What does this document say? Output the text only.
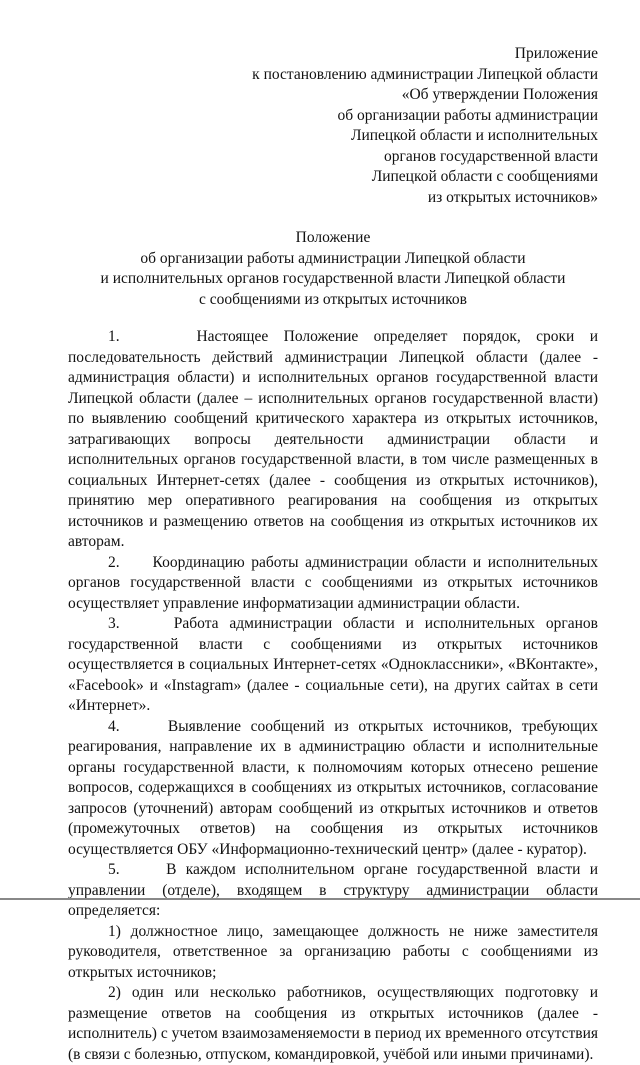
Приложение
к постановлению администрации Липецкой области
«Об утверждении Положения
об организации работы администрации
Липецкой области и исполнительных
органов государственной власти
Липецкой области с сообщениями
из открытых источников»
Положение
об организации работы администрации Липецкой области
и исполнительных органов государственной власти Липецкой области
с сообщениями из открытых источников

1.     Настоящее Положение определяет порядок, сроки и последовательность действий администрации Липецкой области (далее - администрация области) и исполнительных органов государственной власти Липецкой области (далее – исполнительных органов государственной власти) по выявлению сообщений критического характера из открытых источников, затрагивающих вопросы деятельности администрации области и исполнительных органов государственной власти, в том числе размещенных в социальных Интернет-сетях (далее - сообщения из открытых источников), принятию мер оперативного реагирования на сообщения из открытых источников и размещению ответов на сообщения из открытых источников их авторам.

2.     Координацию работы администрации области и исполнительных органов государственной власти с сообщениями из открытых источников осуществляет управление информатизации администрации области.

3.     Работа администрации области и исполнительных органов государственной власти с сообщениями из открытых источников осуществляется в социальных Интернет-сетях «Одноклассники», «ВКонтакте», «Facebook» и «Instagram» (далее - социальные сети), на других сайтах в сети «Интернет».

4.     Выявление сообщений из открытых источников, требующих реагирования, направление их в администрацию области и исполнительные органы государственной власти, к полномочиям которых отнесено решение вопросов, содержащихся в сообщениях из открытых источников, согласование запросов (уточнений) авторам сообщений из открытых источников и ответов (промежуточных ответов) на сообщения из открытых источников осуществляется ОБУ «Информационно-технический центр» (далее - куратор).

5.     В каждом исполнительном органе государственной власти и управлении (отделе), входящем в структуру администрации области определяется:

1) должностное лицо, замещающее должность не ниже заместителя руководителя, ответственное за организацию работы с сообщениями из открытых источников;

2) один или несколько работников, осуществляющих подготовку и размещение ответов на сообщения из открытых источников (далее - исполнитель) с учетом взаимозаменяемости в период их временного отсутствия (в связи с болезнью, отпуском, командировкой, учёбой или иными причинами).
